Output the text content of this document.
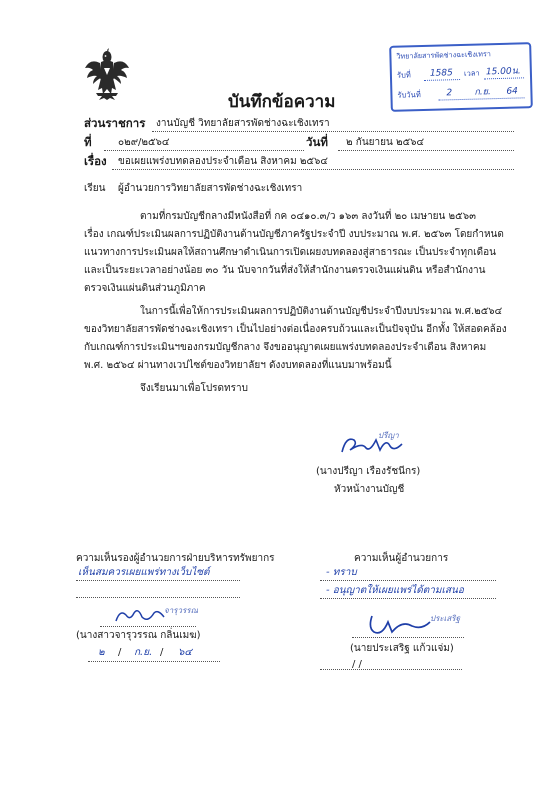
วิทยาลัยสารพัดช่างฉะเชิงเทรา
รับที่ 1585 เวลา 15.00น.
รับวันที่	2 ก.ย. 64
บันทึกข้อความ
ส่วนราชการ งานบัญชี วิทยาลัยสารพัดช่างฉะเชิงเทรา
ที่	๐๒๙/๒๕๖๔	วันที่ ๒ กันยายน ๒๕๖๔
เรื่อง ขอเผยแพร่งบทดลองประจำเดือน สิงหาคม ๒๕๖๔
เรียน ผู้อำนวยการวิทยาลัยสารพัดช่างฉะเชิงเทรา
ตามที่กรมบัญชีกลางมีหนังสือที่ กค ๐๔๑๐.๓/ว ๑๖๓ ลงวันที่ ๒๐ เมษายน ๒๕๖๓
เรื่อง เกณฑ์ประเมินผลการปฏิบัติงานด้านบัญชีภาครัฐประจำปี งบประมาณ พ.ศ. ๒๕๖๓ โดยกำหนด
แนวทางการประเมินผลให้สถานศึกษาดำเนินการเปิดเผยงบทดลองสู่สาธารณะ เป็นประจำทุกเดือน
และเป็นระยะเวลาอย่างน้อย ๓๐ วัน นับจากวันที่ส่งให้สำนักงานตรวจเงินแผ่นดิน หรือสำนักงาน
ตรวจเงินแผ่นดินส่วนภูมิภาค
ในการนี้เพื่อให้การประเมินผลการปฏิบัติงานด้านบัญชีประจำปีงบประมาณ พ.ศ.๒๕๖๔
ของวิทยาลัยสารพัดช่างฉะเชิงเทรา เป็นไปอย่างต่อเนื่องครบถ้วนและเป็นปัจจุบัน อีกทั้ง ให้สอดคล้อง
กับเกณฑ์การประเมินฯของกรมบัญชีกลาง จึงขออนุญาตเผยแพร่งบทดลองประจำเดือน สิงหาคม
พ.ศ. ๒๕๖๔ ผ่านทางเวปไซต์ของวิทยาลัยฯ ดังงบทดลองที่แนบมาพร้อมนี้
จึงเรียนมาเพื่อโปรดทราบ
ปรีญา
(นางปรีญา เรืองรัชนีกร)
หัวหน้างานบัญชี
ความเห็นรองผู้อำนวยการฝ่ายบริหารทรัพยากร
เห็นสมควรเผยแพร่ทางเว็บไซต์
จารุวรรณ
(นางสาวจารุวรรณ กลิ่นเมฆ)
๒ / ก.ย. / ๖๔
ความเห็นผู้อำนวยการ
- ทราบ
- อนุญาตให้เผยแพร่ได้ตามเสนอ
ประเสริฐ
(นายประเสริฐ แก้วแจ่ม)
/ /
